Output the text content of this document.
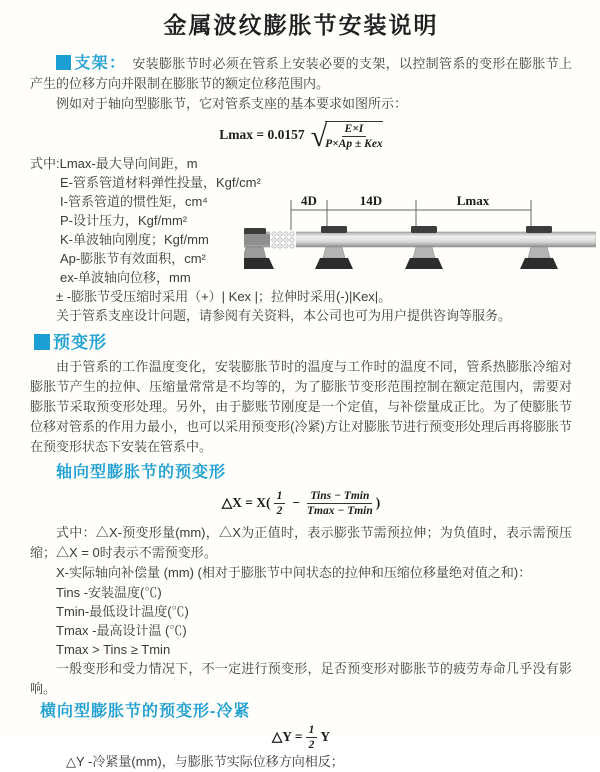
金属波纹膨胀节安装说明

支架： 安装膨胀节时必须在管系上安装必要的支架，以控制管系的变形在膨胀节上产生的位移方向并限制在膨胀节的额定位移范围内。

例如对于轴向型膨胀节，它对管系支座的基本要求如图所示：

Lmax = 0.0157 √
$\frac{E\times I}{\text{P×Ap ± Kex}}$
式中:Lmax-最大导向间距，m
E-管系管道材料弹性投量，Kgf/cm²
I-管系管道的惯性矩，cm⁴
P-设计压力，Kgf/mm²
K-单波轴向刚度；Kgf/mm
Ap-膨胀节有效面积，cm²
ex-单波轴向位移，mm
4D	14D	Lmax

± -膨胀节受压缩时采用（+）| Kex |；拉伸时采用(-)|Kex|。

关于管系支座设计问题，请参阅有关资料，本公司也可为用户提供咨询等服务。

预变形

由于管系的工作温度变化，安装膨胀节时的温度与工作时的温度不同，管系热膨胀冷缩对膨胀节产生的拉伸、压缩量常常是不均等的，为了膨胀节变形范围控制在额定范围内，需要对膨胀节采取预变形处理。另外，由于膨账节刚度是一个定值，与补偿量成正比。为了使膨胀节位移对管系的作用力最小，也可以采用预变形(冷紧)方让对膨胀节进行预变形处理后再将膨胀节在预变形状态下安装在管系中。

轴向型膨胀节的预变形
△X = $X( \frac{1}{2} - \frac{\text{Tins − Tmin}}{Tmax - Tmin}$ )

式中：△X-预变形量(mm)，△X为正值时，表示膨张节需预拉伸；为负值时，表示需预压缩；△X = 0时表示不需预变形。

X-实际轴向补偿量 (mm) (相对于膨胀节中间状态的拉伸和压缩位移量绝对值之和)：

Tins -安装温度(℃)
Tmin-最低设计温度(℃)
Tmax -最高设计温 (℃)
Tmax > Tins ≥ Tmin

一般变形和受力情况下，不一定进行预变形，足否预变形对膨胀节的疲劳寿命几乎没有影响。

横向型膨胀节的预变形-冷紧
△Y = $\frac{1}{2}$ Y

△Y -冷紧量(mm)，与膨胀节实际位移方向相反；
